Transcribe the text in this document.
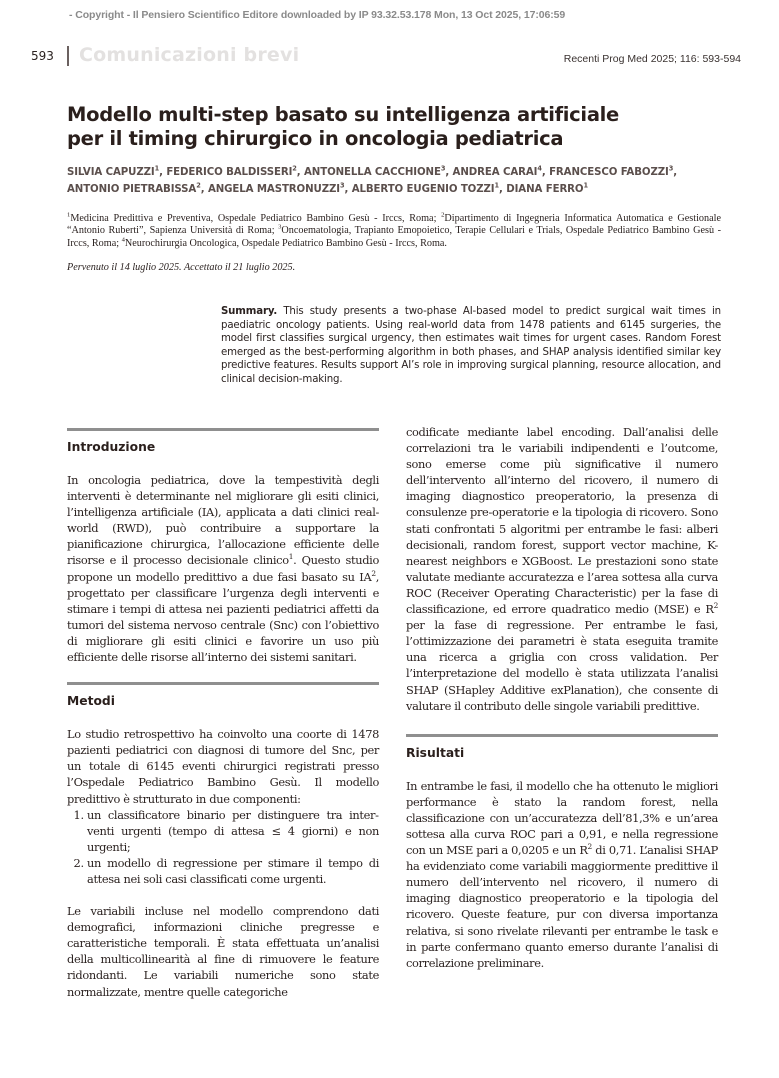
- Copyright - Il Pensiero Scientifico Editore downloaded by IP 93.32.53.178 Mon, 13 Oct 2025, 17:06:59
593 Comunicazioni brevi	Recenti Prog Med 2025; 116: 593-594
Modello multi-step basato su intelligenza artificiale
per il timing chirurgico in oncologia pediatrica
SILVIA CAPUZZI$^1$, FEDERICO BALDISSERI$^2$, ANTONELLA CACCHIONE$^3$, ANDREA CARAI$^4$, FRANCESCO FABOZZI$^3$,
ANTONIO PIETRABISSA$^2$, ANGELA MASTRONUZZI$^3$, ALBERTO EUGENIO TOZZI$^1$, DIANA FERRO$^1$
$^1$Medicina Predittiva e Preventiva, Ospedale Pediatrico Bambino Gesù - Irccs, Roma; $^2$Dipartimento di Ingegneria Informatica Automatica e Gestionale “Antonio Ruberti”, Sapienza Università di Roma; $^3$Oncoematologia, Trapianto Emopoietico, Terapie Cellulari e Trials, Ospedale Pediatrico Bambino Gesù - Irccs, Roma; $^4$Neurochirurgia Oncologica, Ospedale Pediatrico Bambino Gesù - Irccs, Roma.
Pervenuto il 14 luglio 2025. Accettato il 21 luglio 2025.
Summary. This study presents a two-phase AI-based model to predict surgical wait times in paediatric oncology patients. Using real-world data from 1478 patients and 6145 surgeries, the model first classifies surgical urgency, then estimates wait times for urgent cases. Random Forest emerged as the best-performing algorithm in both phases, and SHAP analysis identified similar key predictive features. Results support AI’s role in improving surgical planning, resource allocation, and clinical decision-making.
Introduzione

In oncologia pediatrica, dove la tempestività degli interventi è determinante nel migliorare gli esiti clinici, l’intelligenza artificiale (IA), applicata a dati clinici real-world (RWD), può contribuire a supportare la pianificazione chirurgica, l’allocazione efficiente delle risorse e il processo decisionale clinico$^1$. Questo studio propone un modello predittivo a due fasi basato su $IA^2$, progettato per classificare l’urgenza degli interventi e stimare i tempi di attesa nei pazienti pediatrici affetti da tumori del sistema nervoso centrale (Snc) con l’obiettivo di migliorare gli esiti clinici e favorire un uso più efficiente delle risorse all’interno dei sistemi sanitari.

Metodi

Lo studio retrospettivo ha coinvolto una coorte di 1478 pazienti pediatrici con diagnosi di tumore del Snc, per un totale di 6145 eventi chirurgici registrati presso l’Ospedale Pediatrico Bambino Gesù. Il modello predittivo è strutturato in due componenti:

1. un classificatore binario per distinguere tra interventi urgenti (tempo di attesa ≤ 4 giorni) e non urgenti;
2. un modello di regressione per stimare il tempo di attesa nei soli casi classificati come urgenti.

Le variabili incluse nel modello comprendono dati demografici, informazioni cliniche pregresse e caratteristiche temporali. È stata effettuata un’analisi della multicollinearità al fine di rimuovere le feature ridondanti. Le variabili numeriche sono state normalizzate, mentre quelle categoriche

codificate mediante label encoding. Dall’analisi delle correlazioni tra le variabili indipendenti e l’outcome, sono emerse come più significative il numero dell’intervento all’interno del ricovero, il numero di imaging diagnostico preoperatorio, la presenza di consulenze pre-operatorie e la tipologia di ricovero. Sono stati confrontati 5 algoritmi per entrambe le fasi: alberi decisionali, random forest, support vector machine, K-nearest neighbors e XGBoost. Le prestazioni sono state valutate mediante accuratezza e l’area sottesa alla curva ROC (Receiver Operating Characteristic) per la fase di classificazione, ed errore quadratico medio (MSE) e $R^2$ per la fase di regressione. Per entrambe le fasi, l’ottimizzazione dei parametri è stata eseguita tramite una ricerca a griglia con cross validation. Per l’interpretazione del modello è stata utilizzata l’analisi SHAP (SHapley Additive exPlanation), che consente di valutare il contributo delle singole variabili predittive.

Risultati

In entrambe le fasi, il modello che ha ottenuto le migliori performance è stato la random forest, nella classificazione con un’accuratezza dell’81,3% e un’area sottesa alla curva ROC pari a 0,91, e nella regressione con un MSE pari a 0,0205 e un $R^2$ di 0,71. L’analisi SHAP ha evidenziato come variabili maggiormente predittive il numero dell’intervento nel ricovero, il numero di imaging diagnostico preoperatorio e la tipologia del ricovero. Queste feature, pur con diversa importanza relativa, si sono rivelate rilevanti per entrambe le task e in parte confermano quanto emerso durante l’analisi di correlazione preliminare.
